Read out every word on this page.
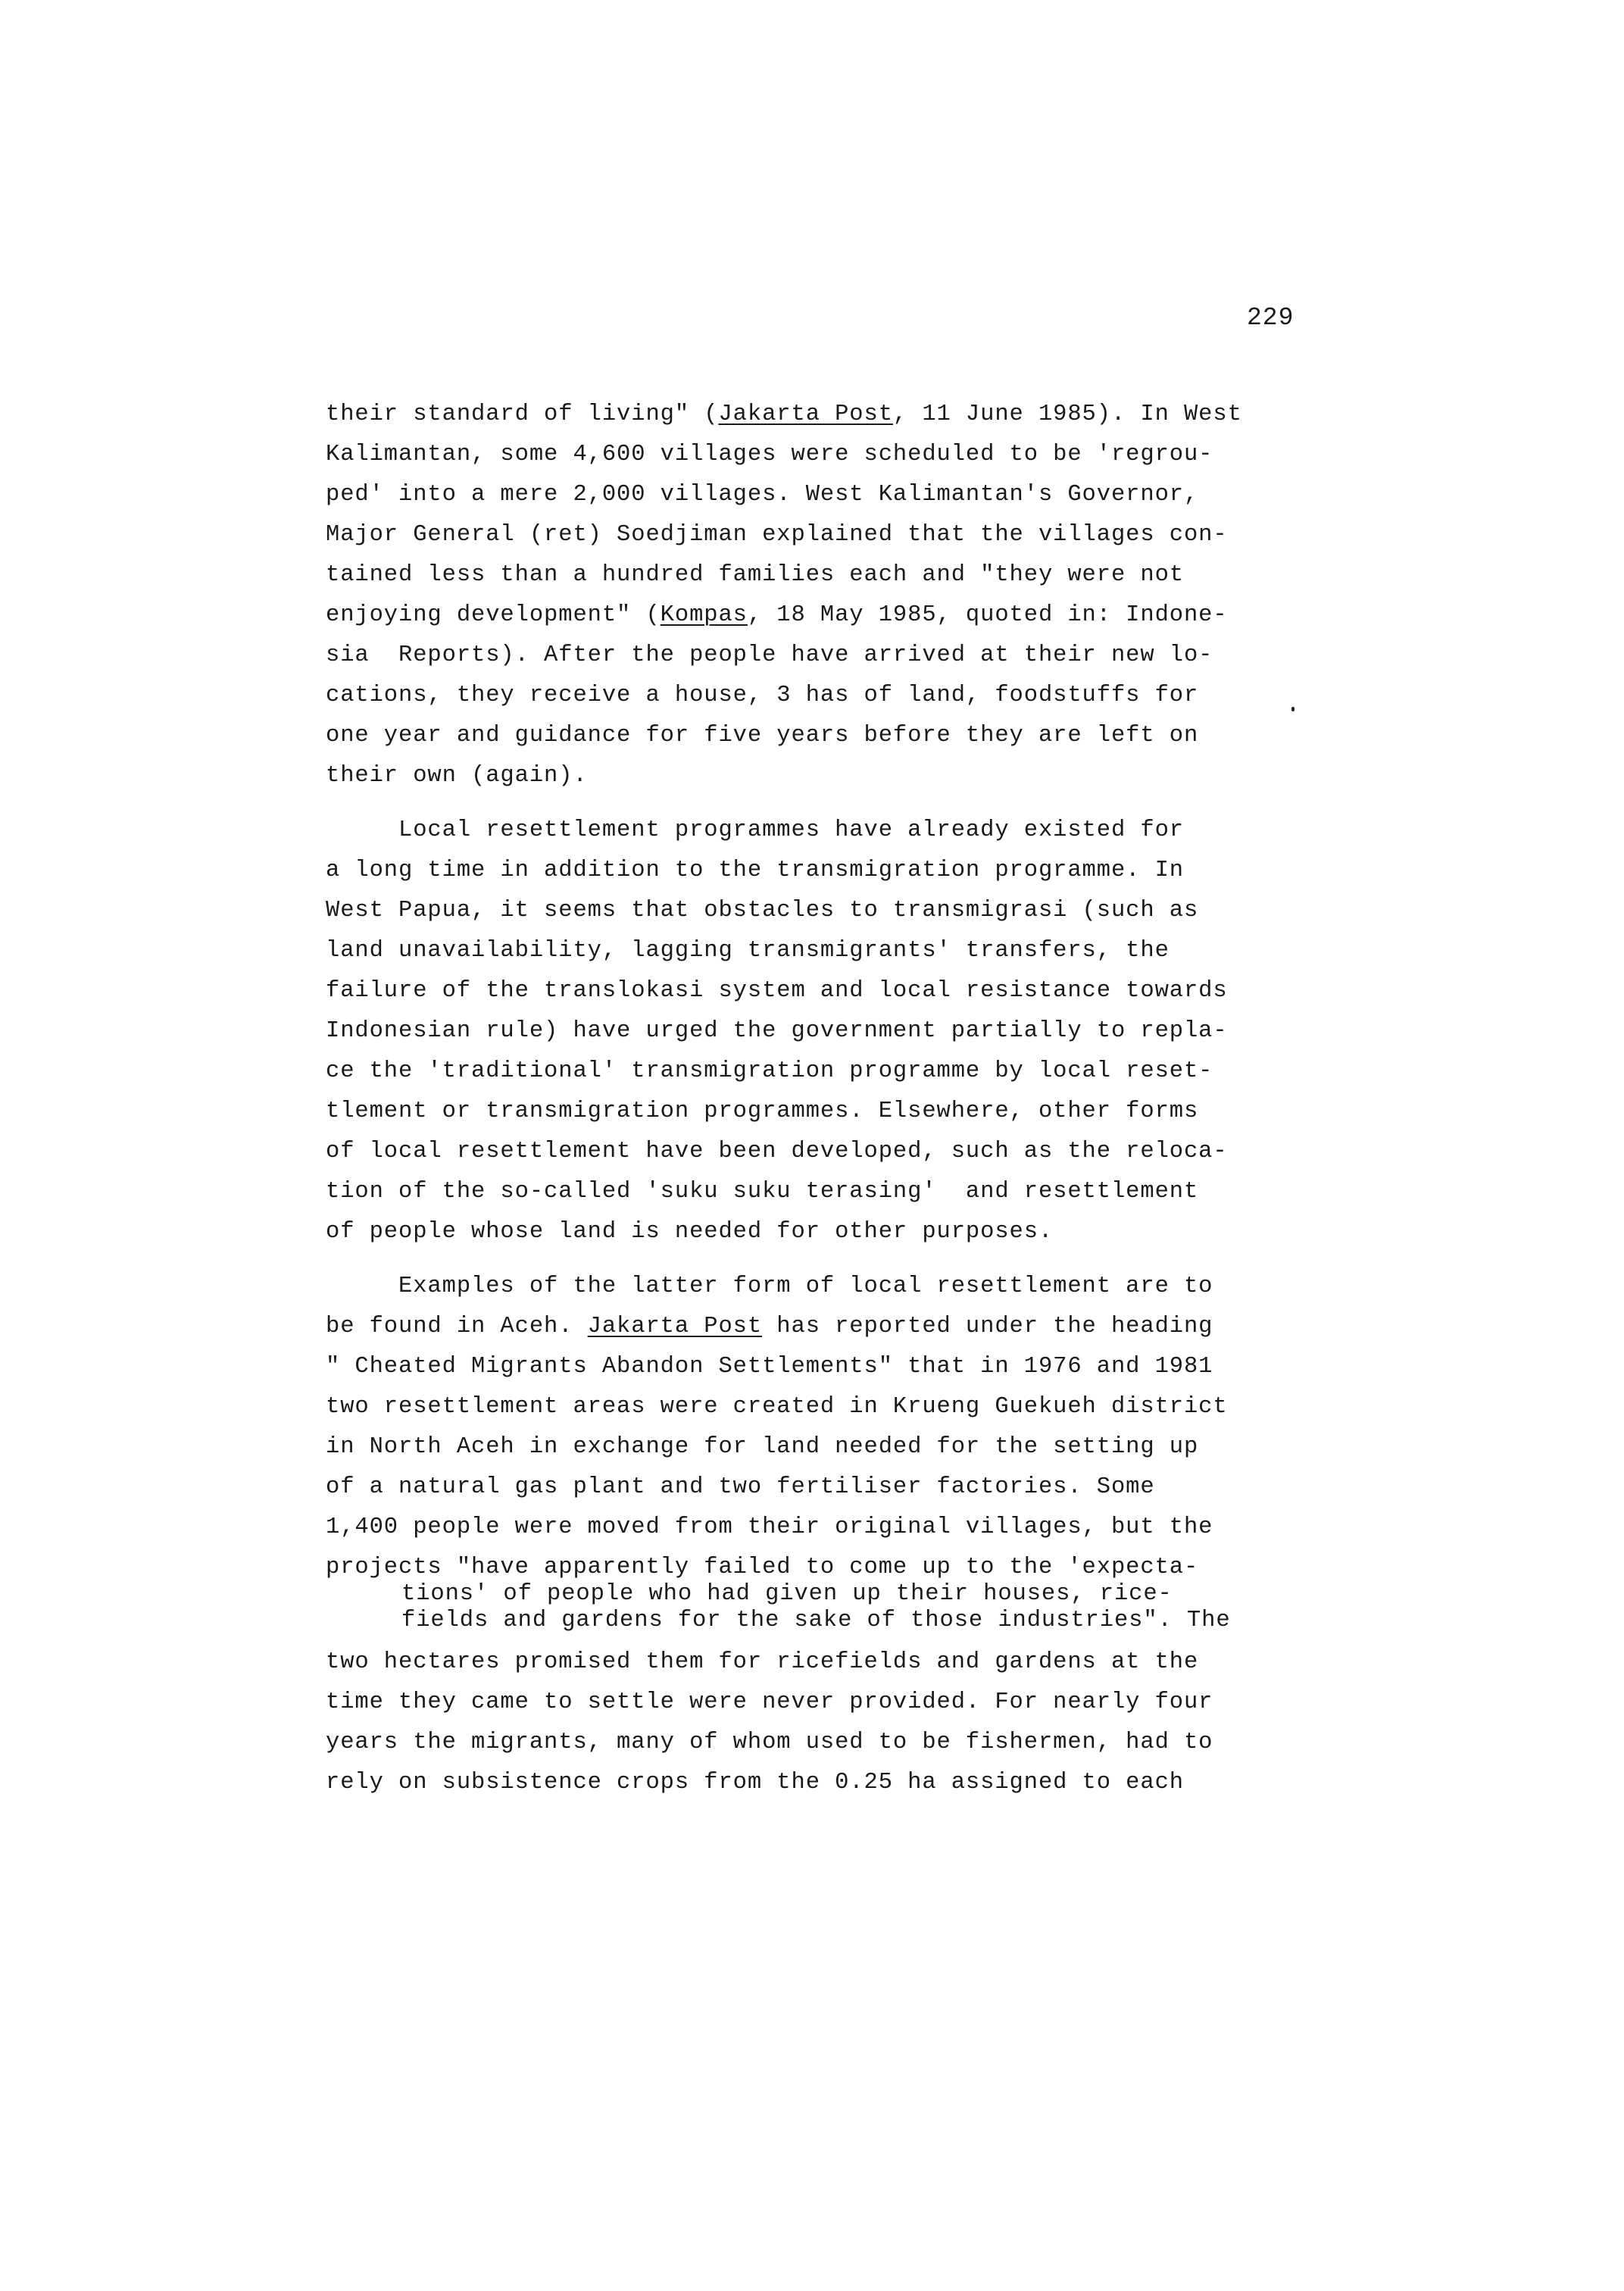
229
their standard of living" (Jakarta Post, 11 June 1985). In West
Kalimantan, some 4,600 villages were scheduled to be 'regrou-
ped' into a mere 2,000 villages. West Kalimantan's Governor,
Major General (ret) Soedjiman explained that the villages con-
tained less than a hundred families each and "they were not
enjoying development" (Kompas, 18 May 1985, quoted in: Indone-
sia  Reports). After the people have arrived at their new lo-
cations, they receive a house, 3 has of land, foodstuffs for
one year and guidance for five years before they are left on
their own (again).
Local resettlement programmes have already existed for
a long time in addition to the transmigration programme. In
West Papua, it seems that obstacles to transmigrasi (such as
land unavailability, lagging transmigrants' transfers, the
failure of the translokasi system and local resistance towards
Indonesian rule) have urged the government partially to repla-
ce the 'traditional' transmigration programme by local reset-
tlement or transmigration programmes. Elsewhere, other forms
of local resettlement have been developed, such as the reloca-
tion of the so-called 'suku suku terasing'  and resettlement
of people whose land is needed for other purposes.
Examples of the latter form of local resettlement are to
be found in Aceh. Jakarta Post has reported under the heading
" Cheated Migrants Abandon Settlements" that in 1976 and 1981
two resettlement areas were created in Krueng Guekueh district
in North Aceh in exchange for land needed for the setting up
of a natural gas plant and two fertiliser factories. Some
1,400 people were moved from their original villages, but the
projects "have apparently failed to come up to the 'expecta-
tions' of people who had given up their houses, rice-
fields and gardens for the sake of those industries". The
two hectares promised them for ricefields and gardens at the
time they came to settle were never provided. For nearly four
years the migrants, many of whom used to be fishermen, had to
rely on subsistence crops from the 0.25 ha assigned to each
